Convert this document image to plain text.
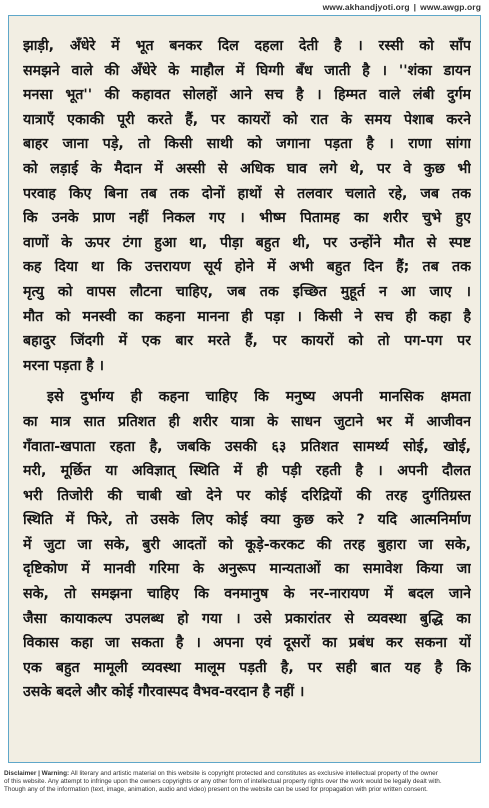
www.akhandjyoti.org | www.awgp.org
झाड़ी, अँधेरे में भूत बनकर दिल दहला देती है । रस्सी को साँप
समझने वाले की अँधेरे के माहौल में घिग्गी बँध जाती है । ''शंका डायन
मनसा भूत'' की कहावत सोलहों आने सच है । हिम्मत वाले लंबी दुर्गम
यात्राएँ एकाकी पूरी करते हैं, पर कायरों को रात के समय पेशाब करने
बाहर जाना पड़े, तो किसी साथी को जगाना पड़ता है । राणा सांगा
को लड़ाई के मैदान में अस्सी से अधिक घाव लगे थे, पर वे कुछ भी
परवाह किए बिना तब तक दोनों हाथों से तलवार चलाते रहे, जब तक
कि उनके प्राण नहीं निकल गए । भीष्म पितामह का शरीर चुभे हुए
वाणों के ऊपर टंगा हुआ था, पीड़ा बहुत थी, पर उन्होंने मौत से स्पष्ट
कह दिया था कि उत्तरायण सूर्य होने में अभी बहुत दिन हैं; तब तक
मृत्यु को वापस लौटना चाहिए, जब तक इच्छित मुहूर्त न आ जाए ।
मौत को मनस्वी का कहना मानना ही पड़ा । किसी ने सच ही कहा है
बहादुर जिंदगी में एक बार मरते हैं, पर कायरों को तो पग-पग पर
मरना पड़ता है ।
इसे दुर्भाग्य ही कहना चाहिए कि मनुष्य अपनी मानसिक क्षमता
का मात्र सात प्रतिशत ही शरीर यात्रा के साधन जुटाने भर में आजीवन
गँवाता-खपाता रहता है, जबकि उसकी ६३ प्रतिशत सामर्थ्य सोई, खोई,
मरी, मूर्छित या अविज्ञात् स्थिति में ही पड़ी रहती है । अपनी दौलत
भरी तिजोरी की चाबी खो देने पर कोई दरिद्रियों की तरह दुर्गतिग्रस्त
स्थिति में फिरे, तो उसके लिए कोई क्या कुछ करे ? यदि आत्मनिर्माण
में जुटा जा सके, बुरी आदतों को कूड़े-करकट की तरह बुहारा जा सके,
दृष्टिकोण में मानवी गरिमा के अनुरूप मान्यताओं का समावेश किया जा
सके, तो समझना चाहिए कि वनमानुष के नर-नारायण में बदल जाने
जैसा कायाकल्प उपलब्ध हो गया । उसे प्रकारांतर से व्यवस्था बुद्धि का
विकास कहा जा सकता है । अपना एवं दूसरों का प्रबंध कर सकना यों
एक बहुत मामूली व्यवस्था मालूम पड़ती है, पर सही बात यह है कि
उसके बदले और कोई गौरवास्पद वैभव-वरदान है नहीं ।
Disclaimer | Warning: All literary and artistic material on this website is copyright protected and constitutes as exclusive intellectual property of the owner
of this website. Any attempt to infringe upon the owners copyrights or any other form of intellectual property rights over the work would be legally dealt with.
Though any of the information (text, image, animation, audio and video) present on the website can be used for propagation with prior written consent.
